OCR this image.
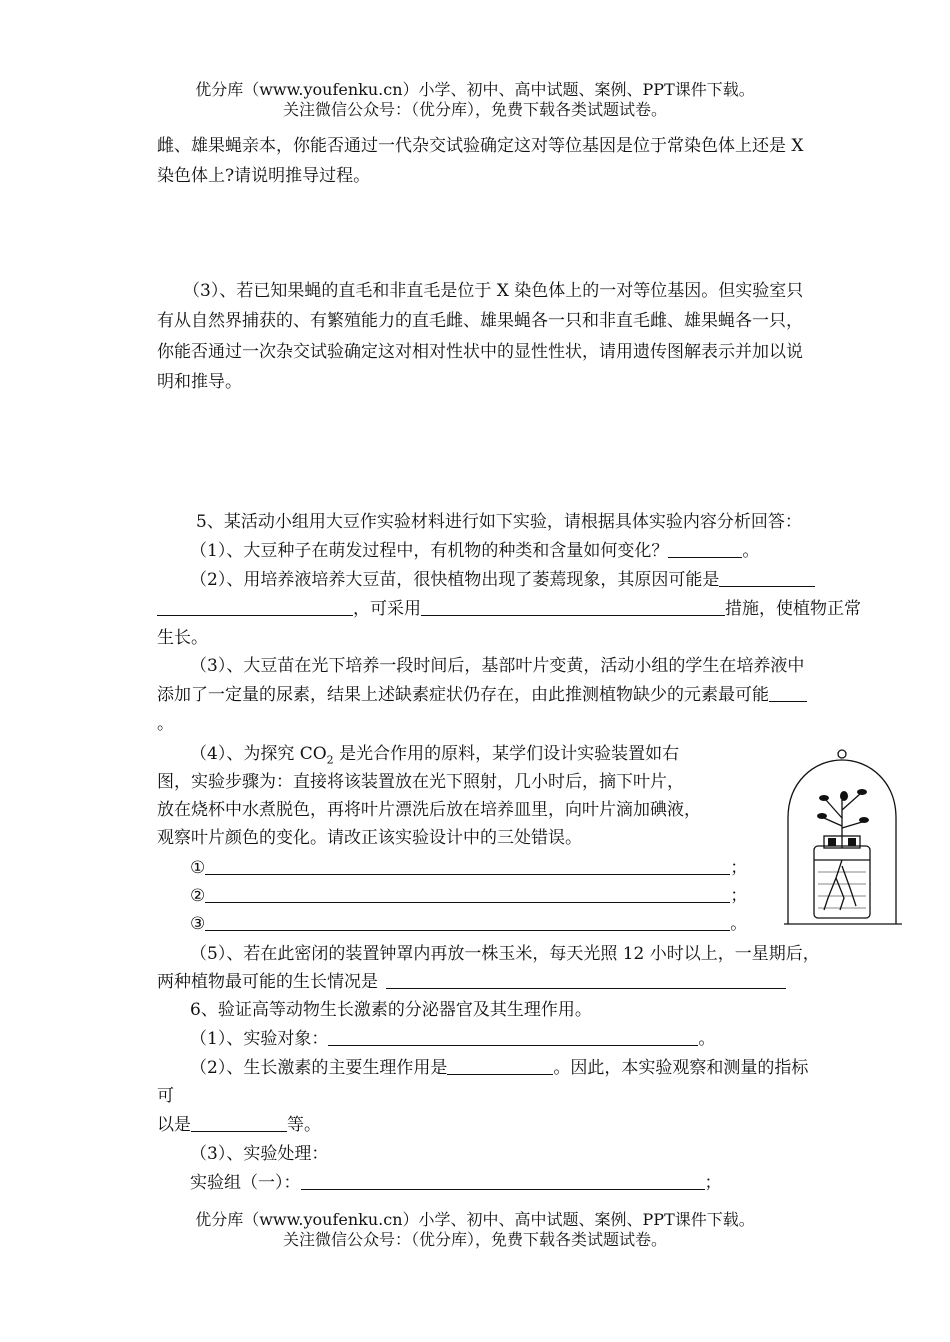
优分库（www.youfenku.cn）小学、初中、高中试题、案例、PPT课件下载。
关注微信公众号：（优分库），免费下载各类试题试卷。
雌、雄果蝇亲本，你能否通过一代杂交试验确定这对等位基因是位于常染色体上还是 X
染色体上?请说明推导过程。
（3）、若已知果蝇的直毛和非直毛是位于 X 染色体上的一对等位基因。但实验室只
有从自然界捕获的、有繁殖能力的直毛雌、雄果蝇各一只和非直毛雌、雄果蝇各一只，
你能否通过一次杂交试验确定这对相对性状中的显性性状，请用遗传图解表示并加以说
明和推导。
5、某活动小组用大豆作实验材料进行如下实验，请根据具体实验内容分析回答：
（1）、大豆种子在萌发过程中，有机物的种类和含量如何变化？	。
（2）、用培养液培养大豆苗，很快植物出现了萎蔫现象，其原因可能是
，可采用	措施，使植物正常
生长。
（3）、大豆苗在光下培养一段时间后，基部叶片变黄，活动小组的学生在培养液中
添加了一定量的尿素，结果上述缺素症状仍存在，由此推测植物缺少的元素最可能
。
（4）、为探究 $CO_2$ 是光合作用的原料，某学们设计实验装置如右
图，实验步骤为：直接将该装置放在光下照射，几小时后，摘下叶片，
放在烧杯中水煮脱色，再将叶片漂洗后放在培养皿里，向叶片滴加碘液，
观察叶片颜色的变化。请改正该实验设计中的三处错误。
①	；
②	；
③	。
（5）、若在此密闭的装置钟罩内再放一株玉米，每天光照 12 小时以上，一星期后，
两种植物最可能的生长情况是
6、验证高等动物生长激素的分泌器官及其生理作用。
（1）、实验对象：	。
（2）、生长激素的主要生理作用是	。因此，本实验观察和测量的指标
可
以是	等。
（3）、实验处理：
实验组（一）：	；
优分库（www.youfenku.cn）小学、初中、高中试题、案例、PPT课件下载。
关注微信公众号：（优分库），免费下载各类试题试卷。
